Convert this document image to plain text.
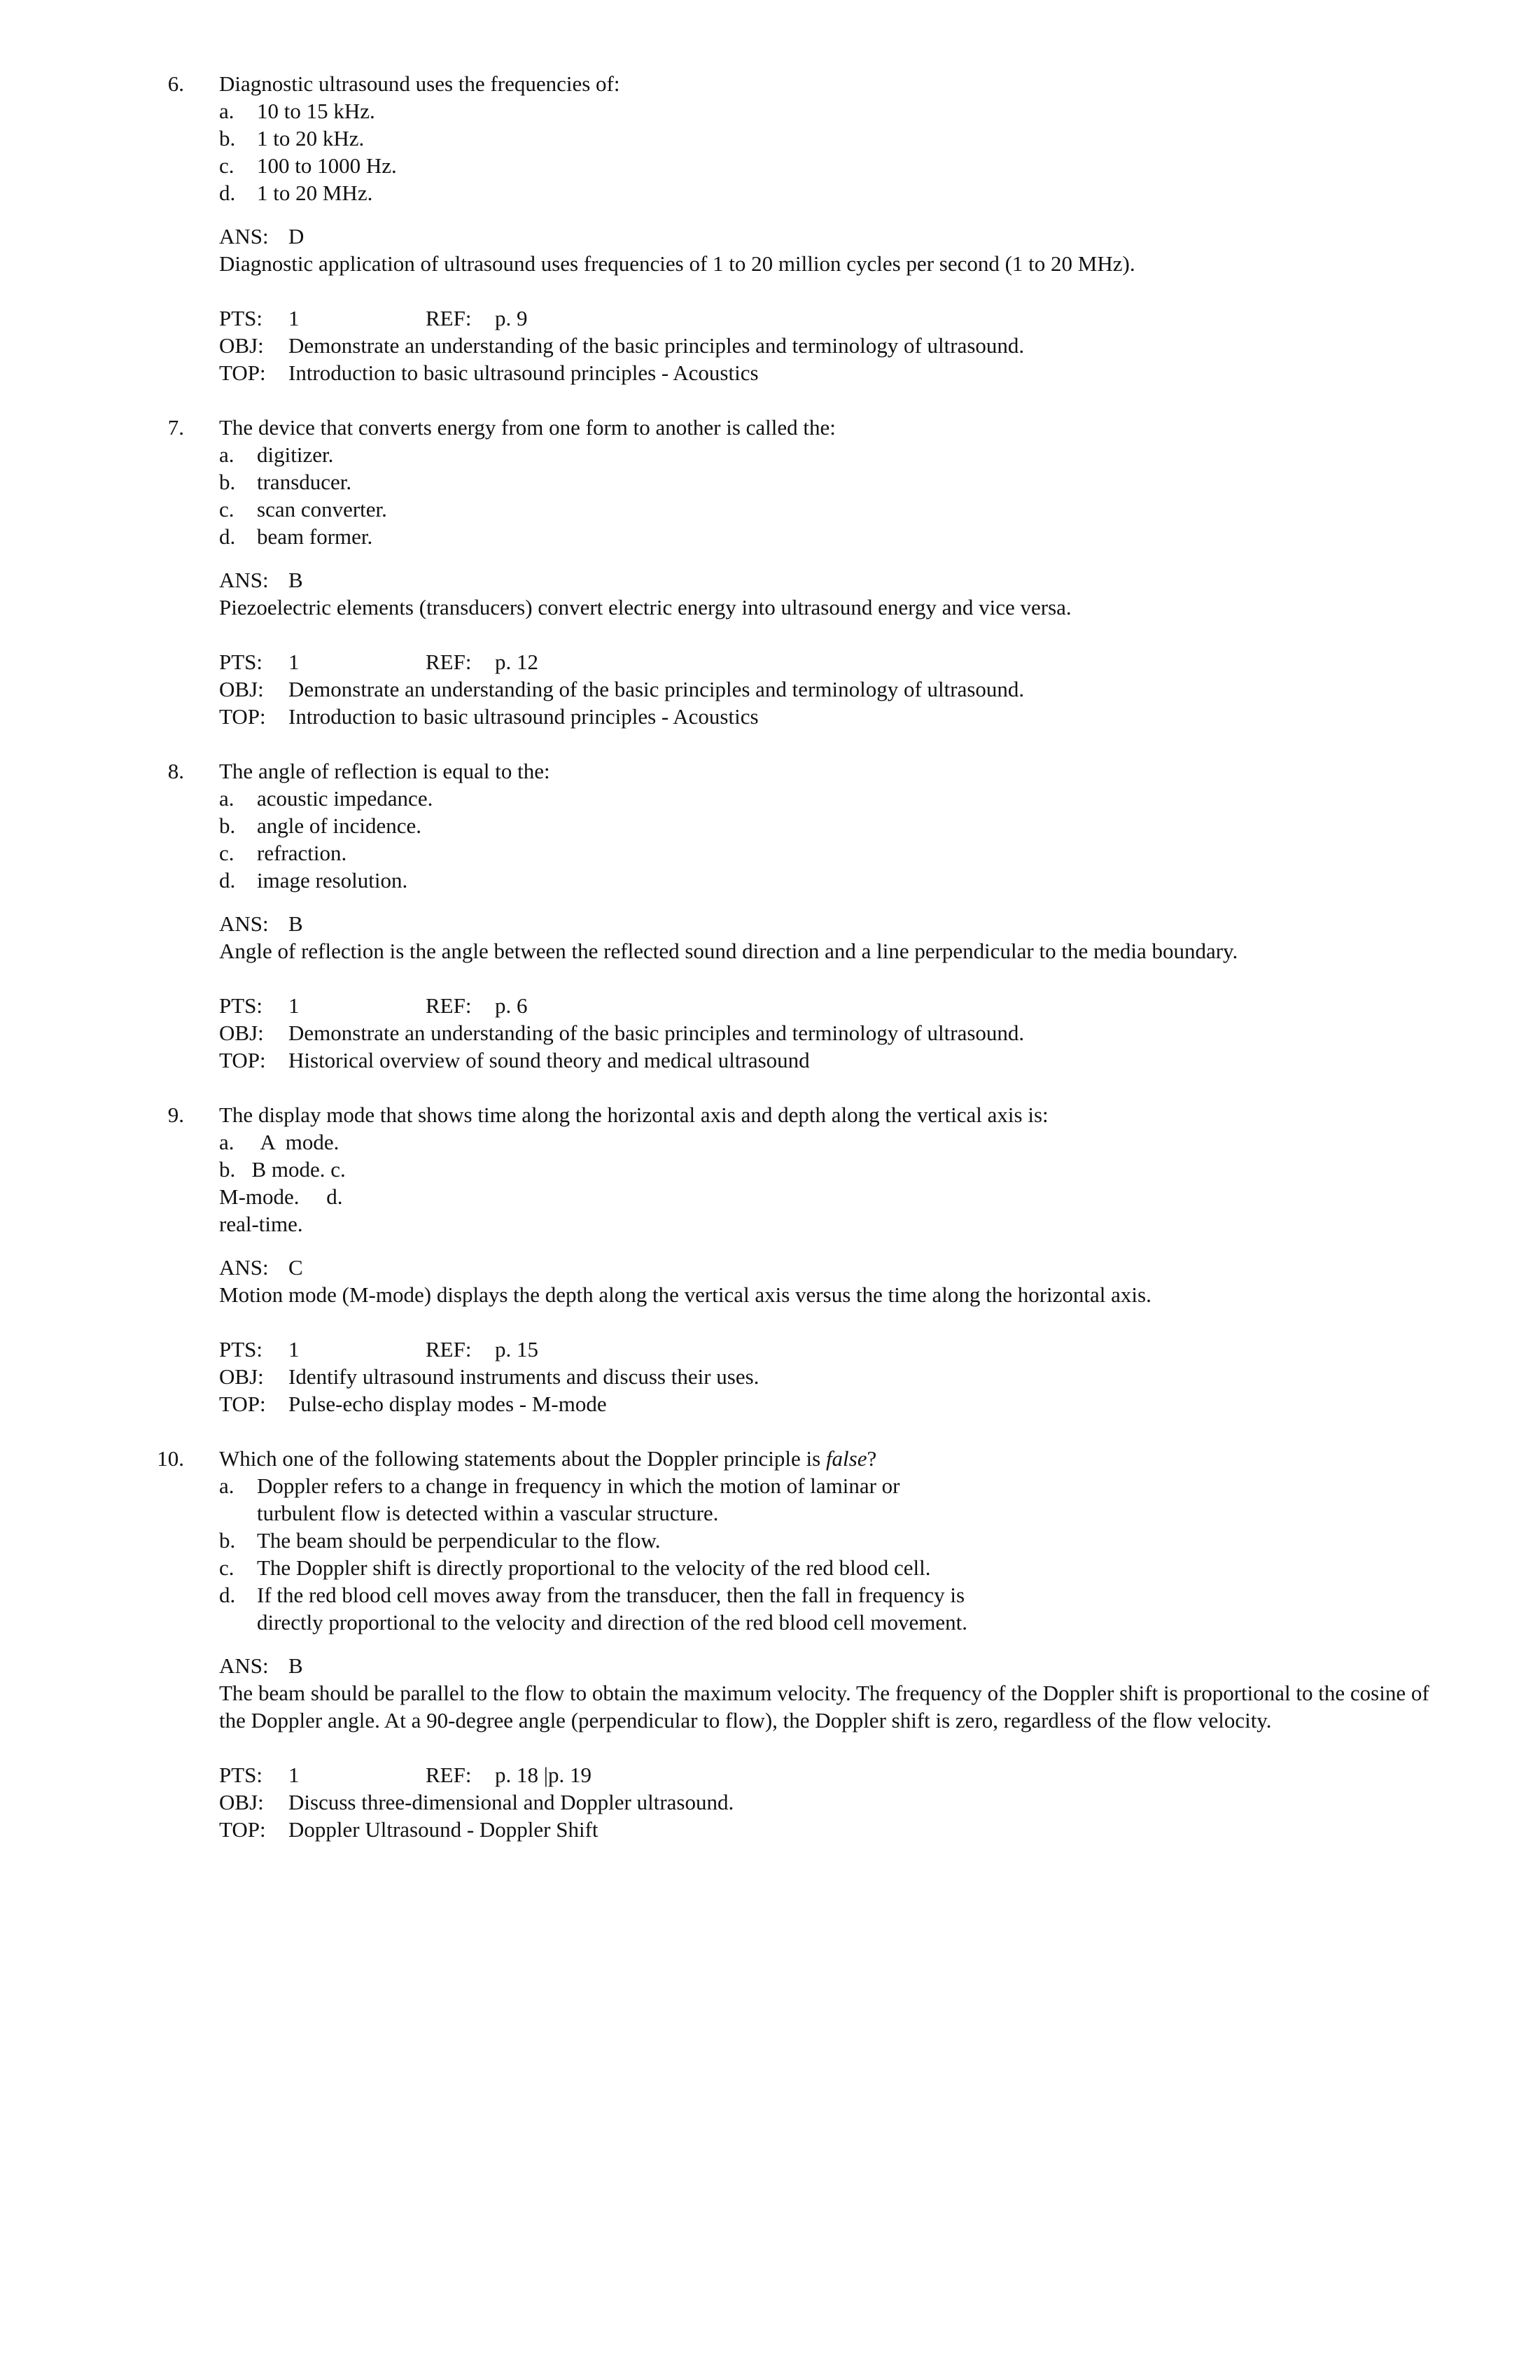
6. Diagnostic ultrasound uses the frequencies of:
a. 10 to 15 kHz.
b. 1 to 20 kHz.
c. 100 to 1000 Hz.
d. 1 to 20 MHz.
ANS: D
Diagnostic application of ultrasound uses frequencies of 1 to 20 million cycles per second (1 to 20 MHz).
PTS: 1	REF: p. 9
OBJ: Demonstrate an understanding of the basic principles and terminology of ultrasound.
TOP: Introduction to basic ultrasound principles - Acoustics
7. The device that converts energy from one form to another is called the:
a. digitizer.
b. transducer.
c. scan converter.
d. beam former.
ANS: B
Piezoelectric elements (transducers) convert electric energy into ultrasound energy and vice versa.
PTS: 1	REF: p. 12
OBJ: Demonstrate an understanding of the basic principles and terminology of ultrasound.
TOP: Introduction to basic ultrasound principles - Acoustics
8. The angle of reflection is equal to the:
a. acoustic impedance.
b. angle of incidence.
c. refraction.
d. image resolution.
ANS: B
Angle of reflection is the angle between the reflected sound direction and a line perpendicular to the media boundary.
PTS: 1	REF: p. 6
OBJ: Demonstrate an understanding of the basic principles and terminology of ultrasound.
TOP: Historical overview of sound theory and medical ultrasound
9. The display mode that shows time along the horizontal axis and depth along the vertical axis is:
a.     A  mode.
b.   B mode. c.
M-mode.     d.
real-time.
ANS: C
Motion mode (M-mode) displays the depth along the vertical axis versus the time along the horizontal axis.
PTS: 1	REF: p. 15
OBJ: Identify ultrasound instruments and discuss their uses.
TOP: Pulse-echo display modes - M-mode
10. Which one of the following statements about the Doppler principle is false?
a. Doppler refers to a change in frequency in which the motion of laminar or
turbulent flow is detected within a vascular structure.
b. The beam should be perpendicular to the flow.
c. The Doppler shift is directly proportional to the velocity of the red blood cell.
d. If the red blood cell moves away from the transducer, then the fall in frequency is
directly proportional to the velocity and direction of the red blood cell movement.
ANS: B
The beam should be parallel to the flow to obtain the maximum velocity. The frequency of the Doppler shift is proportional to the cosine of the Doppler angle. At a 90-degree angle (perpendicular to flow), the Doppler shift is zero, regardless of the flow velocity.
PTS: 1	REF: p. 18 |p. 19
OBJ: Discuss three-dimensional and Doppler ultrasound.
TOP: Doppler Ultrasound - Doppler Shift
